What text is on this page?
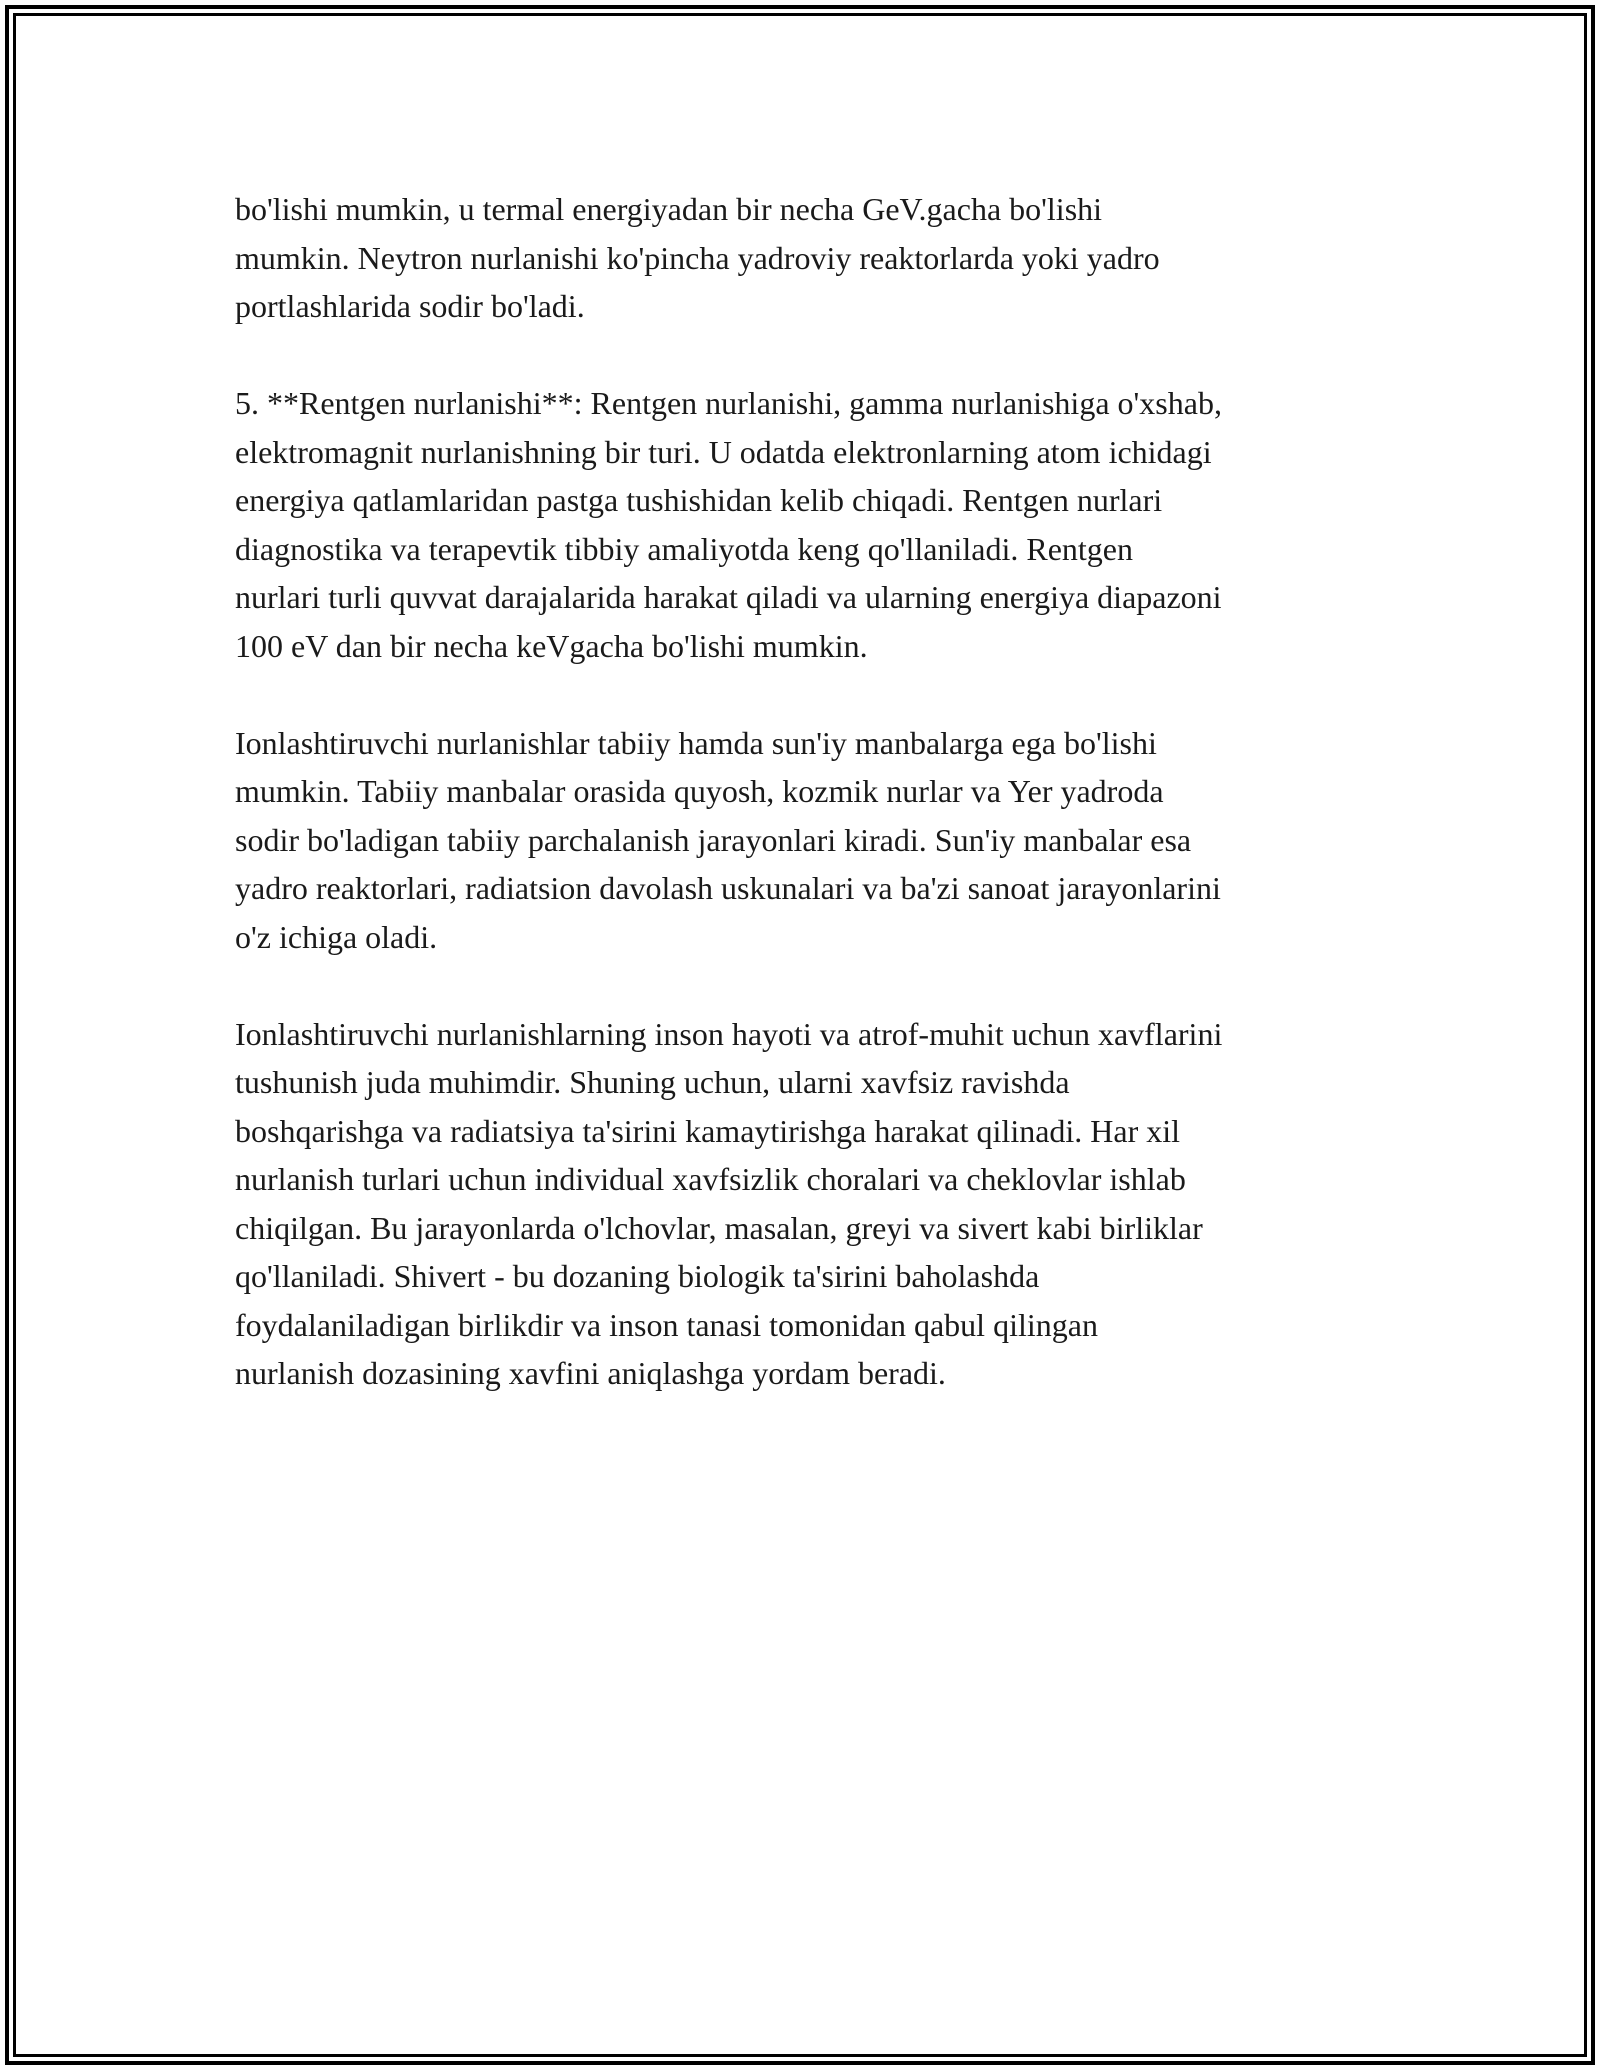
bo'lishi mumkin, u termal energiyadan bir necha GeV.gacha bo'lishi
mumkin. Neytron nurlanishi ko'pincha yadroviy reaktorlarda yoki yadro
portlashlarida sodir bo'ladi.

5. **Rentgen nurlanishi**: Rentgen nurlanishi, gamma nurlanishiga o'xshab,
elektromagnit nurlanishning bir turi. U odatda elektronlarning atom ichidagi
energiya qatlamlaridan pastga tushishidan kelib chiqadi. Rentgen nurlari
diagnostika va terapevtik tibbiy amaliyotda keng qo'llaniladi. Rentgen
nurlari turli quvvat darajalarida harakat qiladi va ularning energiya diapazoni
100 eV dan bir necha keVgacha bo'lishi mumkin.

Ionlashtiruvchi nurlanishlar tabiiy hamda sun'iy manbalarga ega bo'lishi
mumkin. Tabiiy manbalar orasida quyosh, kozmik nurlar va Yer yadroda
sodir bo'ladigan tabiiy parchalanish jarayonlari kiradi. Sun'iy manbalar esa
yadro reaktorlari, radiatsion davolash uskunalari va ba'zi sanoat jarayonlarini
o'z ichiga oladi.

Ionlashtiruvchi nurlanishlarning inson hayoti va atrof-muhit uchun xavflarini
tushunish juda muhimdir. Shuning uchun, ularni xavfsiz ravishda
boshqarishga va radiatsiya ta'sirini kamaytirishga harakat qilinadi. Har xil
nurlanish turlari uchun individual xavfsizlik choralari va cheklovlar ishlab
chiqilgan. Bu jarayonlarda o'lchovlar, masalan, greyi va sivert kabi birliklar
qo'llaniladi. Shivert - bu dozaning biologik ta'sirini baholashda
foydalaniladigan birlikdir va inson tanasi tomonidan qabul qilingan
nurlanish dozasining xavfini aniqlashga yordam beradi.
